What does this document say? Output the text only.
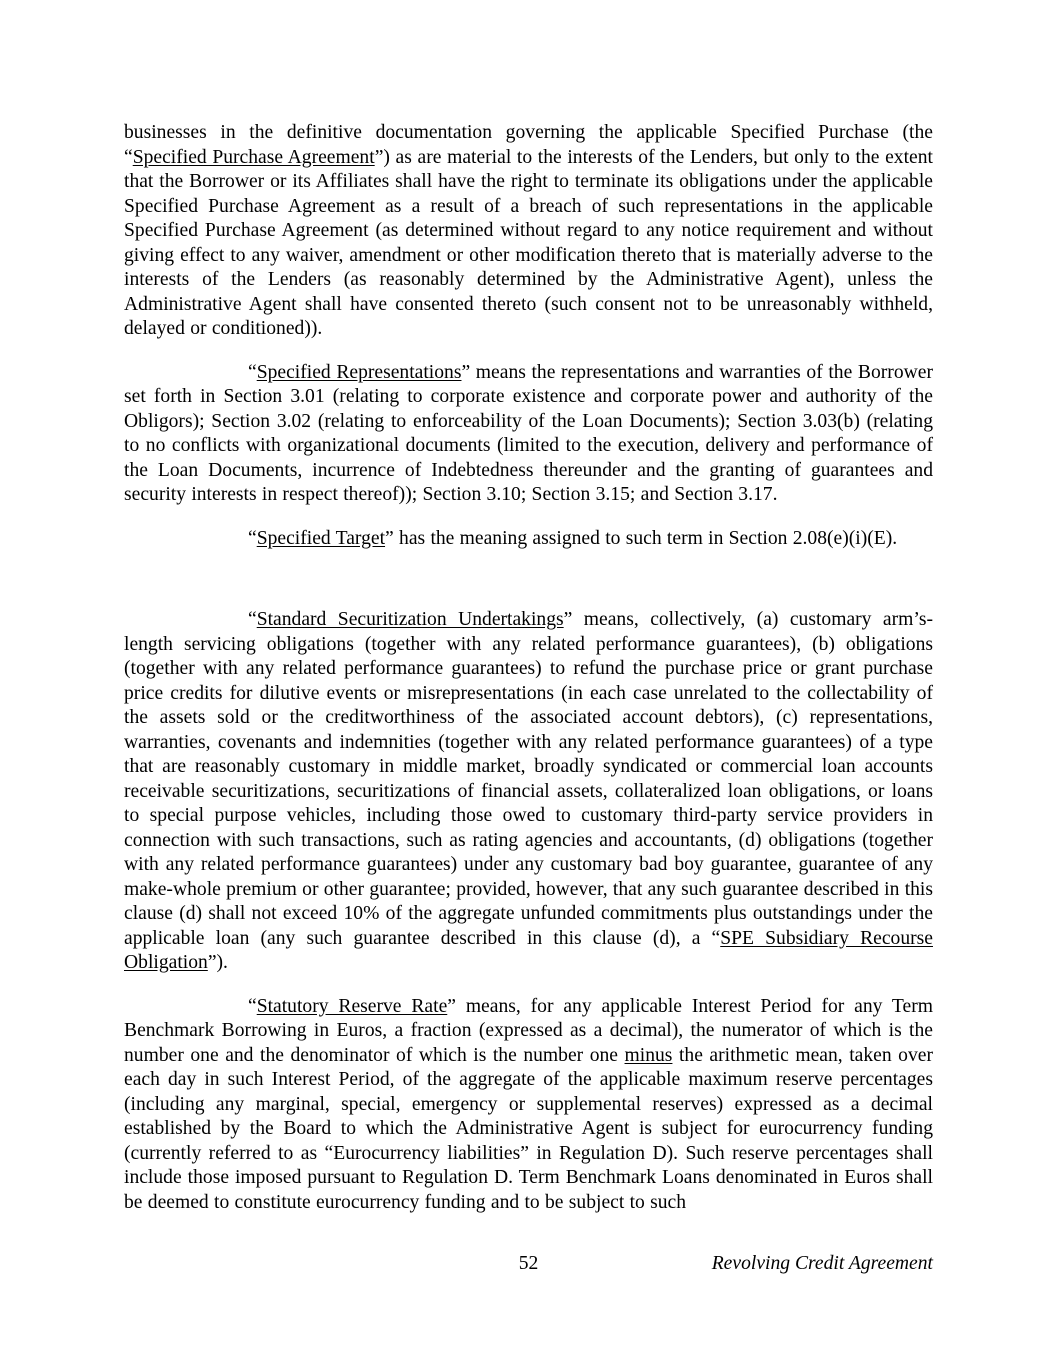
businesses in the definitive documentation governing the applicable Specified Purchase (the “Specified Purchase Agreement”) as are material to the interests of the Lenders, but only to the extent that the Borrower or its Affiliates shall have the right to terminate its obligations under the applicable Specified Purchase Agreement as a result of a breach of such representations in the applicable Specified Purchase Agreement (as determined without regard to any notice requirement and without giving effect to any waiver, amendment or other modification thereto that is materially adverse to the interests of the Lenders (as reasonably determined by the Administrative Agent), unless the Administrative Agent shall have consented thereto (such consent not to be unreasonably withheld, delayed or conditioned)).

“Specified Representations” means the representations and warranties of the Borrower set forth in Section 3.01 (relating to corporate existence and corporate power and authority of the Obligors); Section 3.02 (relating to enforceability of the Loan Documents); Section 3.03(b) (relating to no conflicts with organizational documents (limited to the execution, delivery and performance of the Loan Documents, incurrence of Indebtedness thereunder and the granting of guarantees and security interests in respect thereof)); Section 3.10; Section 3.15; and Section 3.17.

“Specified Target” has the meaning assigned to such term in Section 2.08(e)(i)(E).

“Standard Securitization Undertakings” means, collectively, (a) customary arm’s-length servicing obligations (together with any related performance guarantees), (b) obligations (together with any related performance guarantees) to refund the purchase price or grant purchase price credits for dilutive events or misrepresentations (in each case unrelated to the collectability of the assets sold or the creditworthiness of the associated account debtors), (c) representations, warranties, covenants and indemnities (together with any related performance guarantees) of a type that are reasonably customary in middle market, broadly syndicated or commercial loan accounts receivable securitizations, securitizations of financial assets, collateralized loan obligations, or loans to special purpose vehicles, including those owed to customary third-party service providers in connection with such transactions, such as rating agencies and accountants, (d) obligations (together with any related performance guarantees) under any customary bad boy guarantee, guarantee of any make-whole premium or other guarantee; provided, however, that any such guarantee described in this clause (d) shall not exceed 10% of the aggregate unfunded commitments plus outstandings under the applicable loan (any such guarantee described in this clause (d), a “SPE Subsidiary Recourse Obligation”).

“Statutory Reserve Rate” means, for any applicable Interest Period for any Term Benchmark Borrowing in Euros, a fraction (expressed as a decimal), the numerator of which is the number one and the denominator of which is the number one minus the arithmetic mean, taken over each day in such Interest Period, of the aggregate of the applicable maximum reserve percentages (including any marginal, special, emergency or supplemental reserves) expressed as a decimal established by the Board to which the Administrative Agent is subject for eurocurrency funding (currently referred to as “Eurocurrency liabilities” in Regulation D). Such reserve percentages shall include those imposed pursuant to Regulation D. Term Benchmark Loans denominated in Euros shall be deemed to constitute eurocurrency funding and to be subject to such

52	Revolving Credit Agreement
